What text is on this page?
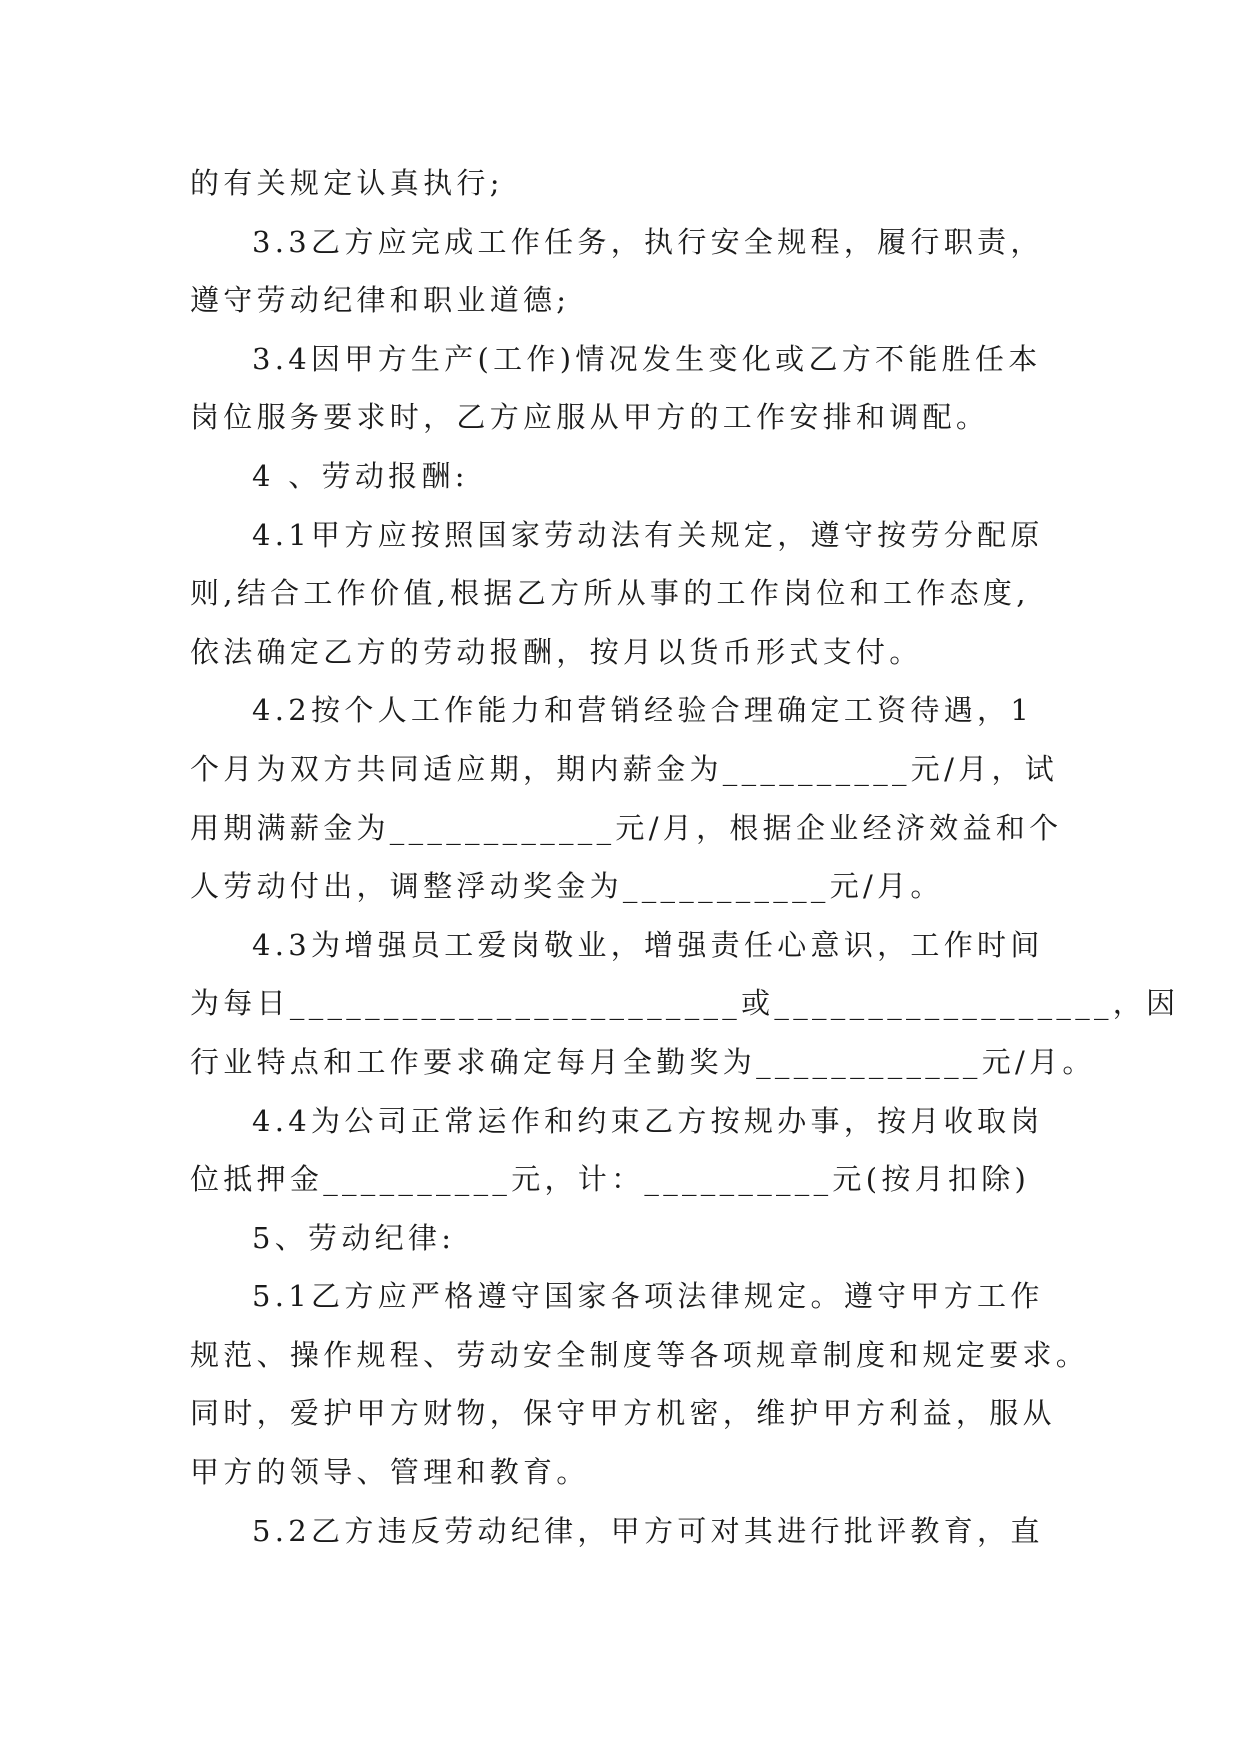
的有关规定认真执行;
3.3乙方应完成工作任务，执行安全规程，履行职责，
遵守劳动纪律和职业道德;
3.4因甲方生产(工作)情况发生变化或乙方不能胜任本
岗位服务要求时，乙方应服从甲方的工作安排和调配。
4 、劳动报酬:
4.1甲方应按照国家劳动法有关规定，遵守按劳分配原
则,结合工作价值,根据乙方所从事的工作岗位和工作态度,
依法确定乙方的劳动报酬，按月以货币形式支付。
4.2按个人工作能力和营销经验合理确定工资待遇，1
个月为双方共同适应期，期内薪金为__________元/月，试
用期满薪金为____________元/月，根据企业经济效益和个
人劳动付出，调整浮动奖金为___________元/月。
4.3为增强员工爱岗敬业，增强责任心意识，工作时间
为每日________________________或__________________，因
行业特点和工作要求确定每月全勤奖为____________元/月。
4.4为公司正常运作和约束乙方按规办事，按月收取岗
位抵押金__________元，计：__________元(按月扣除)
5、劳动纪律:
5.1乙方应严格遵守国家各项法律规定。遵守甲方工作
规范、操作规程、劳动安全制度等各项规章制度和规定要求。
同时，爱护甲方财物，保守甲方机密，维护甲方利益，服从
甲方的领导、管理和教育。
5.2乙方违反劳动纪律，甲方可对其进行批评教育，直
